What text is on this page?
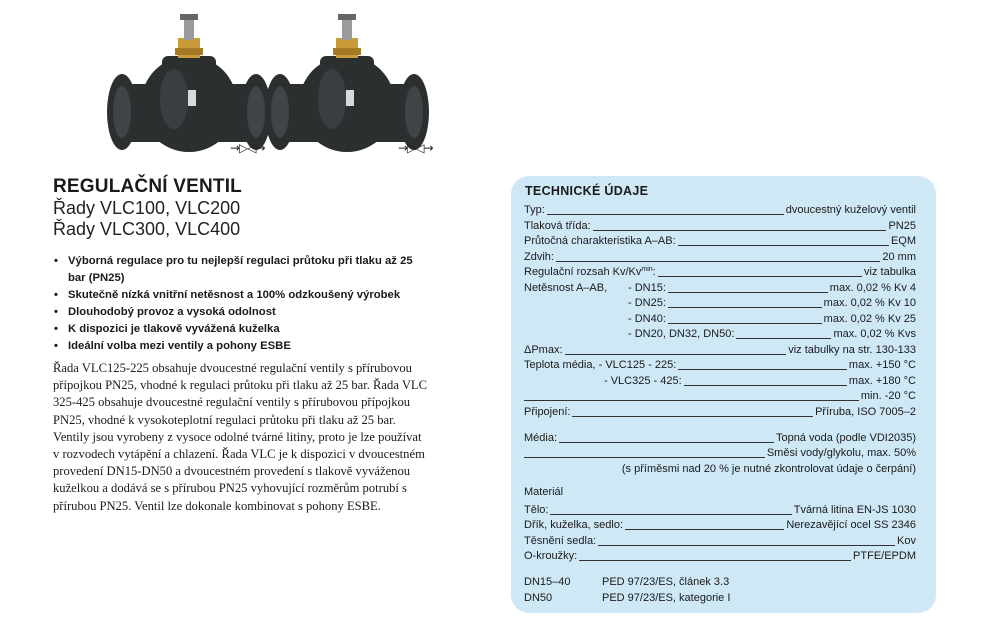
→▷◁→	→▷◁→
REGULAČNÍ VENTIL
Řady VLC100, VLC200
Řady VLC300, VLC400
• Výborná regulace pro tu nejlepší regulaci průtoku při tlaku až 25
bar (PN25)
• Skutečně nízká vnitřní netěsnost a 100% odzkoušený výrobek
• Dlouhodobý provoz a vysoká odolnost
• K dispozici je tlakově vyvážená kuželka
• Ideální volba mezi ventily a pohony ESBE
Řada VLC125-225 obsahuje dvoucestné regulační ventily s přírubovou
přípojkou PN25, vhodné k regulaci průtoku při tlaku až 25 bar. Řada VLC
325-425 obsahuje dvoucestné regulační ventily s přírubovou přípojkou
PN25, vhodné k vysokoteplotní regulaci průtoku při tlaku až 25 bar.
Ventily jsou vyrobeny z vysoce odolné tvárné litiny, proto je lze používat
v rozvodech vytápění a chlazení. Řada VLC je k dispozici v dvoucestném
provedení DN15-DN50 a dvoucestném provedení s tlakově vyváženou
kuželkou a dodává se s přírubou PN25 vyhovující rozměrům potrubí s
přírubou PN25. Ventil lze dokonale kombinovat s pohony ESBE.
TECHNICKÉ ÚDAJE
Typ:	dvoucestný kuželový ventil
Tlaková třída:	PN25
Průtočná charakteristika A–AB:	EQM
Zdvih:	20 mm
Regulační rozsah $Kv/Kv^{min}$:	viz tabulka
Netěsnost A–AB,	- DN15:	max. 0,02 % Kv 4
- DN25:	max. 0,02 % Kv 10
- DN40:	max. 0,02 % Kv 25
- DN20, DN32, DN50:	max. 0,02 % Kvs
ΔPmax:	viz tabulky na str. 130-133
Teplota média, - VLC125 - 225:	max. +150 °C
- VLC325 - 425:	max. +180 °C
min. -20 °C
Připojení:	Příruba, ISO 7005–2
Média:	Topná voda (podle VDI2035)
Směsi vody/glykolu, max. 50%
(s příměsmi nad 20 % je nutné zkontrolovat údaje o čerpání)
Materiál
Tělo:	Tvárná litina EN-JS 1030
Dřík, kuželka, sedlo:	Nerezavějící ocel SS 2346
Těsnění sedla:	Kov
O-kroužky:	PTFE/EPDM
DN15–40	PED 97/23/ES, článek 3.3
DN50	PED 97/23/ES, kategorie I
